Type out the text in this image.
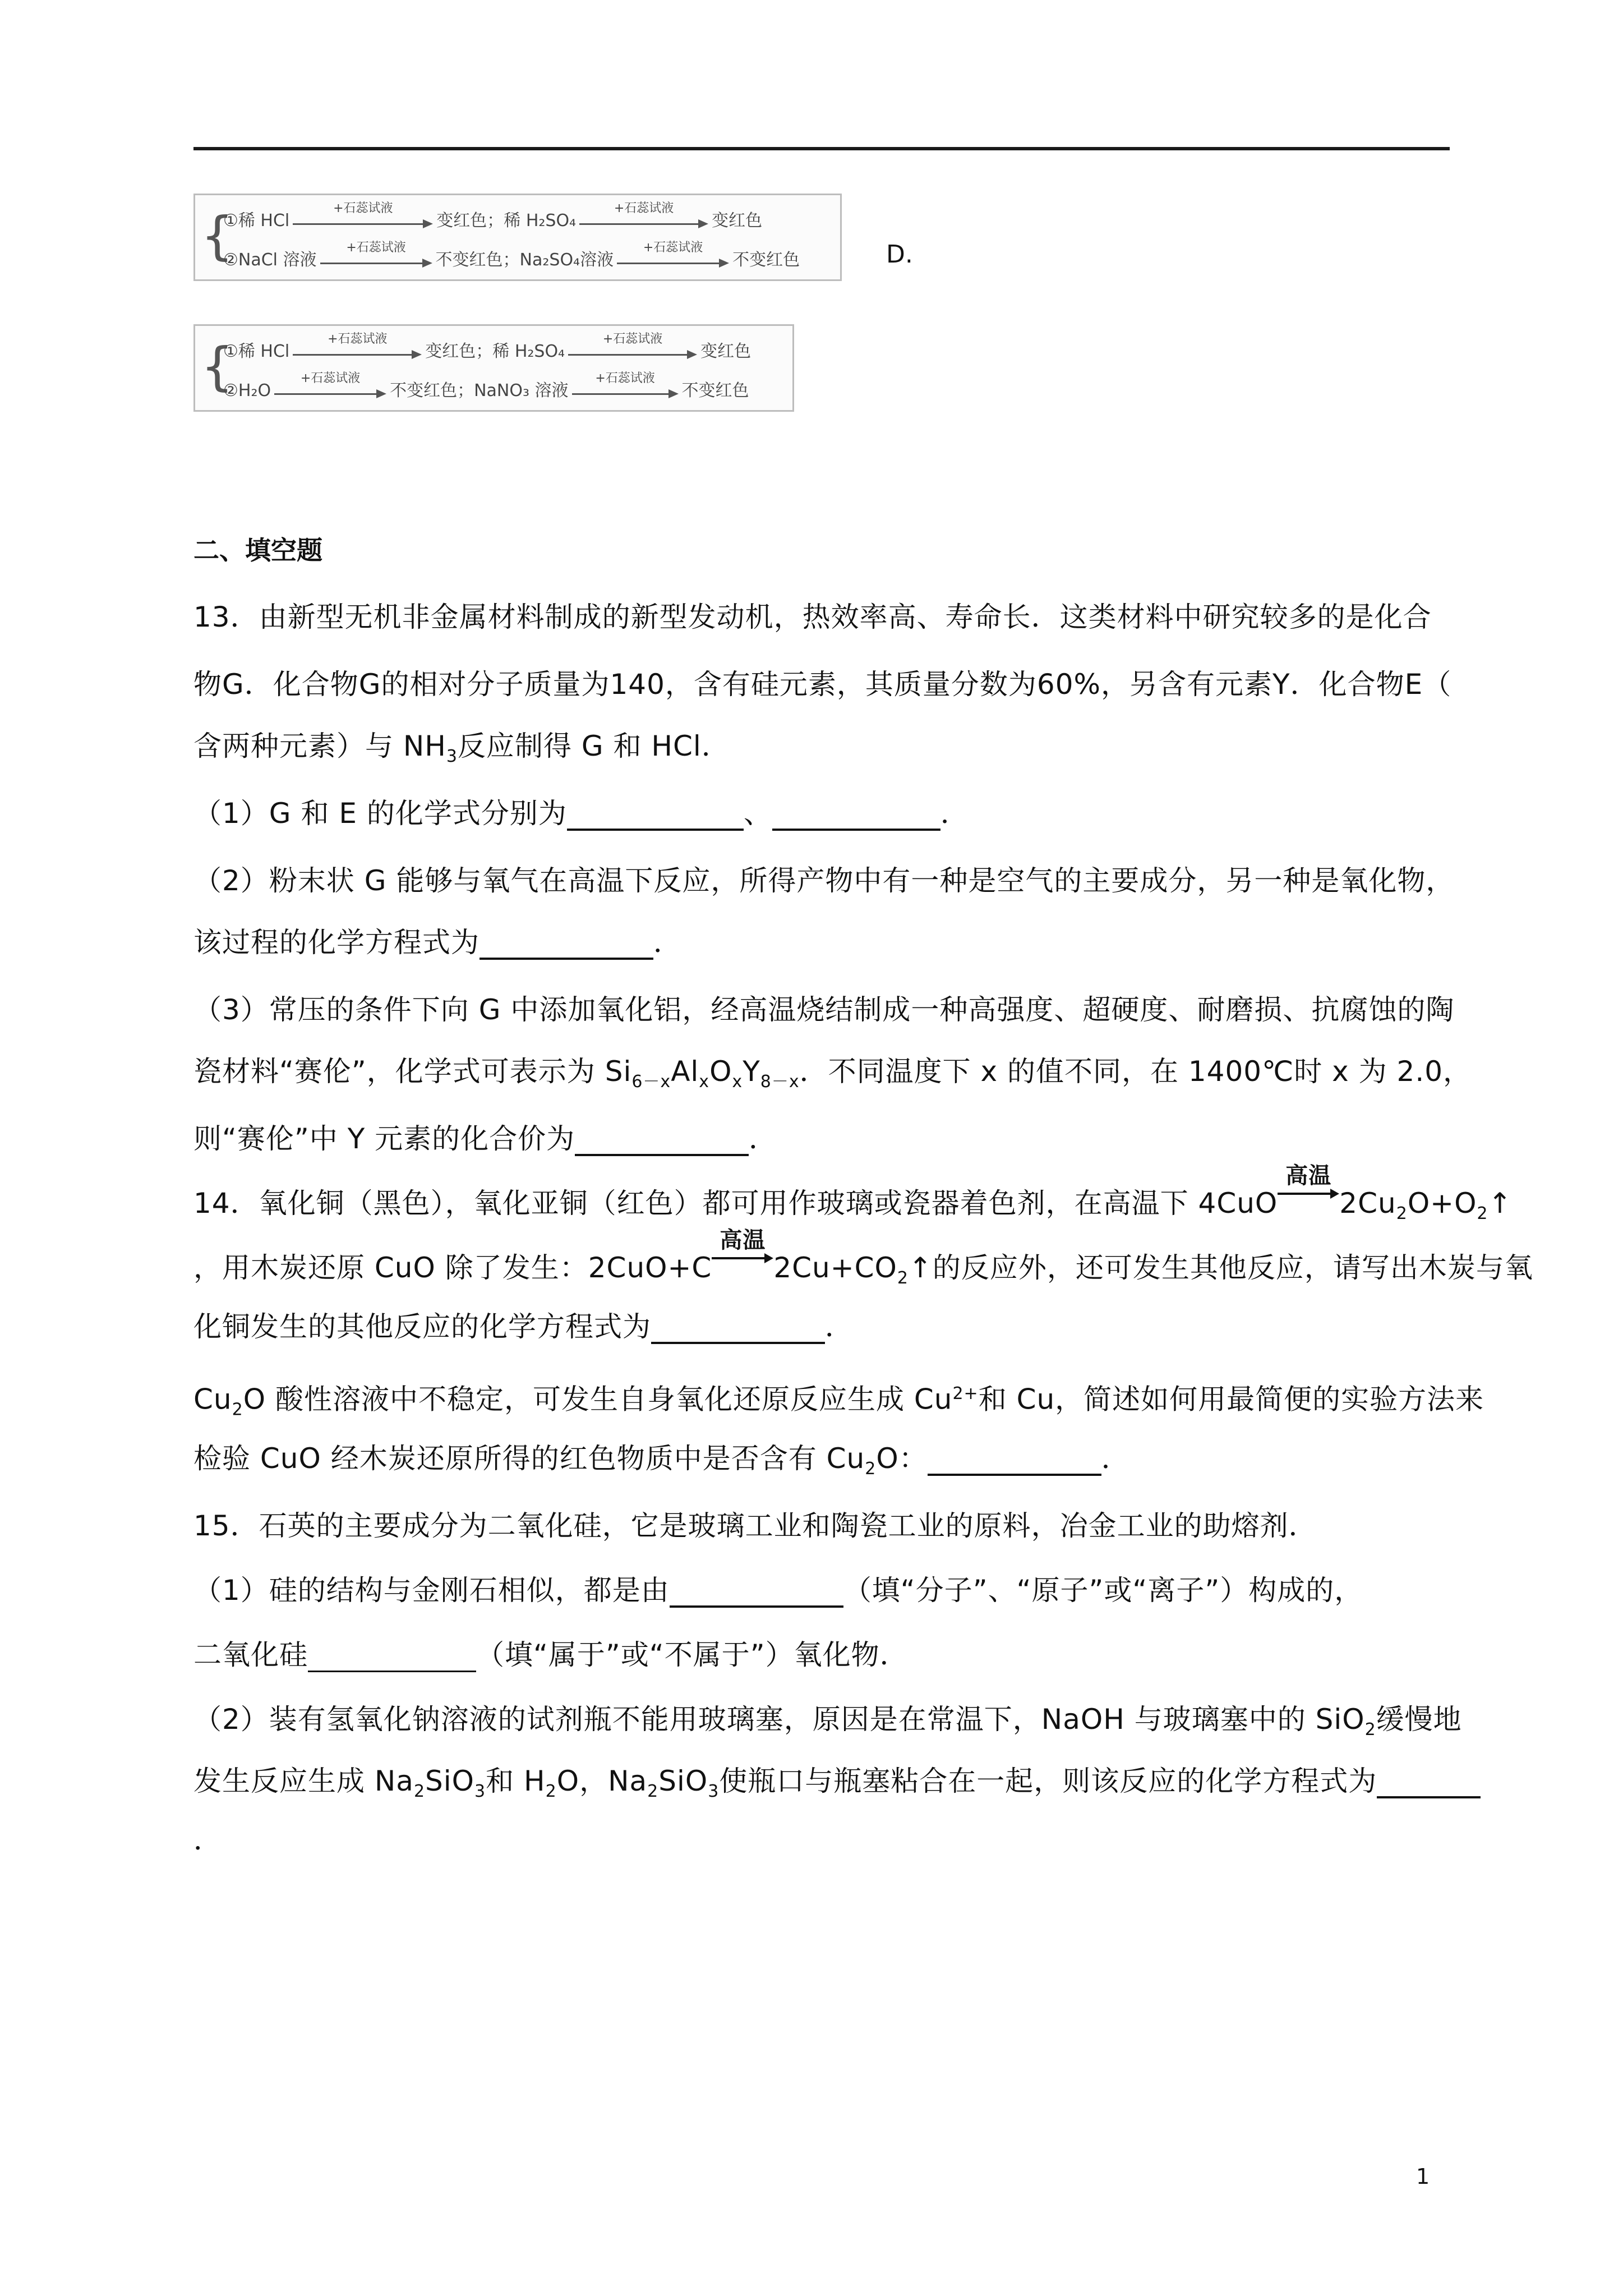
{
①稀 HCl
+石蕊试液
变红色；稀 H₂SO₄
+石蕊试液
变红色
②NaCl 溶液
+石蕊试液
不变红色；Na₂SO₄溶液
+石蕊试液
不变红色	D.
{
①稀 HCl
+石蕊试液
变红色；稀 H₂SO₄
+石蕊试液
变红色
②H₂O
+石蕊试液
不变红色；NaNO₃ 溶液
+石蕊试液
不变红色
二、填空题
13．由新型无机非金属材料制成的新型发动机，热效率高、寿命长．这类材料中研究较多的是化合
物G．化合物G的相对分子质量为140，含有硅元素，其质量分数为60%，另含有元素Y．化合物E（
含两种元素）与 $NH_3$反应制得 G 和 HCl．
（1）G 和 E 的化学式分别为	、	．
（2）粉末状 G 能够与氧气在高温下反应，所得产物中有一种是空气的主要成分，另一种是氧化物，
该过程的化学方程式为	．
（3）常压的条件下向 G 中添加氧化铝，经高温烧结制成一种高强度、超硬度、耐磨损、抗腐蚀的陶
瓷材料“赛伦”，化学式可表示为 $Si_{6-x}Al_xO_xY_{8-x}$．不同温度下 x 的值不同，在 1400℃时 x 为 2.0，
则“赛伦”中 Y 元素的化合价为	．
14．氧化铜（黑色），氧化亚铜（红色）都可用作玻璃或瓷器着色剂，在高温下 4CuO
高温
$2Cu_2O+O_2↑$
，用木炭还原 CuO 除了发生：2CuO+C
高温
$2Cu+CO_2↑$的反应外，还可发生其他反应，请写出木炭与氧
化铜发生的其他反应的化学方程式为	．
$Cu_2O$ 酸性溶液中不稳定，可发生自身氧化还原反应生成 $Cu^{2+}$和 Cu，简述如何用最简便的实验方法来
检验 CuO 经木炭还原所得的红色物质中是否含有 $Cu_2O$：	．
15．石英的主要成分为二氧化硅，它是玻璃工业和陶瓷工业的原料，冶金工业的助熔剂．
（1）硅的结构与金刚石相似，都是由	（填“分子”、“原子”或“离子”）构成的，
二氧化硅	（填“属于”或“不属于”）氧化物．
（2）装有氢氧化钠溶液的试剂瓶不能用玻璃塞，原因是在常温下，NaOH 与玻璃塞中的 SiO$_2$缓慢地
发生反应生成 $Na_2SiO_3$和 $H_2O$，$Na_2SiO_3$使瓶口与瓶塞粘合在一起，则该反应的化学方程式为
．
1
